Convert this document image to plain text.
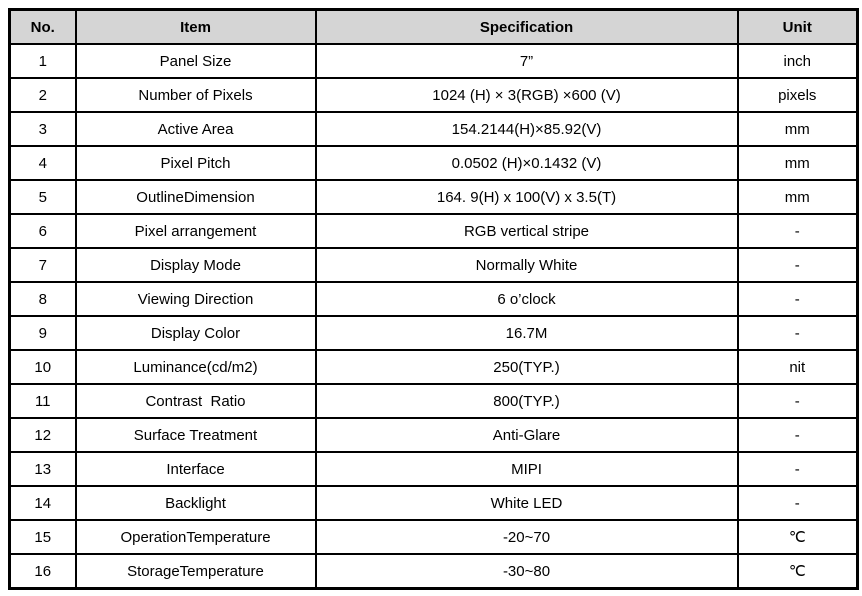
No.	Item	Specification	Unit
1	Panel Size	7”	inch
2	Number of Pixels	1024 (H) × 3(RGB) ×600 (V)	pixels
3	Active Area	154.2144(H)×85.92(V)	mm
4	Pixel Pitch	0.0502 (H)×0.1432 (V)	mm
5	OutlineDimension	164. 9(H) x 100(V) x 3.5(T)	mm
6	Pixel arrangement	RGB vertical stripe	-
7	Display Mode	Normally White	-
8	Viewing Direction	6 o’clock	-
9	Display Color	16.7M	-
10	Luminance(cd/m2)	250(TYP.)	nit
11	Contrast  Ratio	800(TYP.)	-
12	Surface Treatment	Anti-Glare	-
13	Interface	MIPI	-
14	Backlight	White LED	-
15	OperationTemperature	-20~70	℃
16	StorageTemperature	-30~80	℃
